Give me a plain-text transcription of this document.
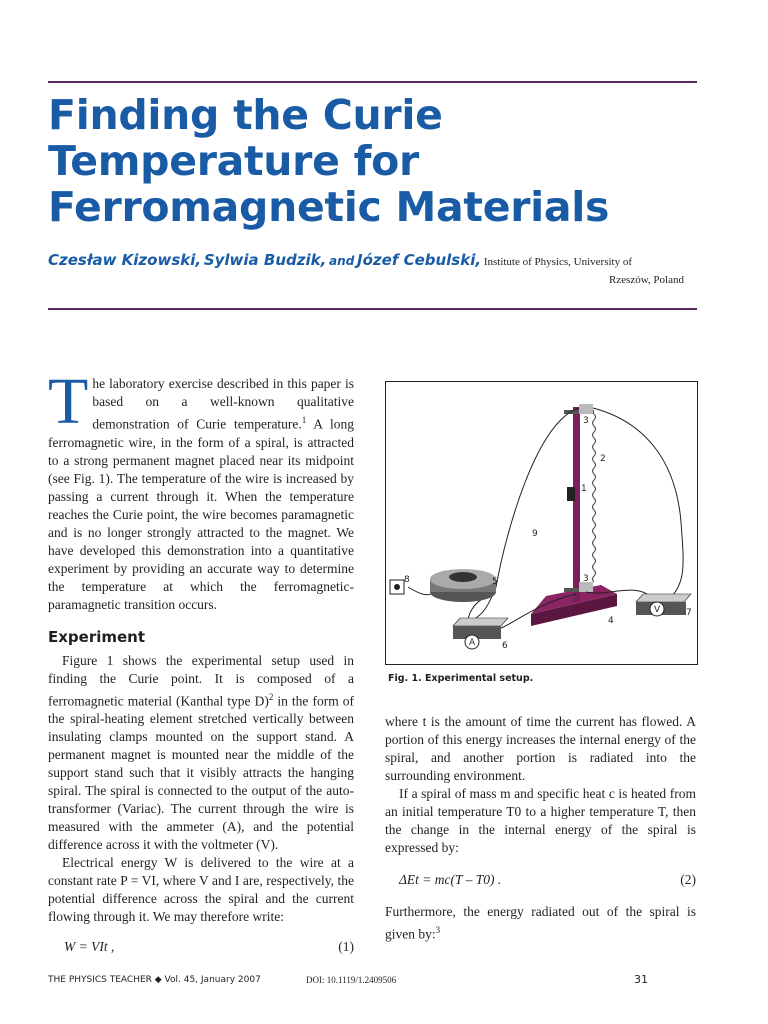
Finding the Curie Temperature for Ferromagnetic Materials
Czesław Kizowski, Sylwia Budzik, and Józef Cebulski, Institute of Physics, University of
Rzeszów, Poland

The laboratory exercise described in this paper is based on a well-known qualitative demonstration of Curie temperature.$^1$ A long ferromagnetic wire, in the form of a spiral, is attracted to a strong permanent magnet placed near its midpoint (see Fig. 1). The temperature of the wire is increased by passing a current through it. When the temperature reaches the Curie point, the wire becomes paramagnetic and is no longer strongly attracted to the magnet. We have developed this demonstration into a quantitative experiment by providing an accurate way to determine the temperature at which the ferromagnetic-paramagnetic transition occurs.

Experiment

Figure 1 shows the experimental setup used in finding the Curie point. It is composed of a ferromagnetic material (Kanthal type D)$^2$ in the form of the spiral-heating element stretched vertically between insulating clamps mounted on the support stand. A permanent magnet is mounted near the middle of the support stand such that it visibly attracts the hanging spiral. The spiral is connected to the output of the auto-transformer (Variac). The current through the wire is measured with the ammeter (A), and the potential difference across it with the voltmeter (V).

Electrical energy W is delivered to the wire at a constant rate P = VI, where V and I are, respectively, the potential difference across the spiral and the current flowing through it. We may therefore write:

W = VIt ,	(1)
3
2
1
3
4
5
6
7
8
9
A
V
Fig. 1. Experimental setup.

where t is the amount of time the current has flowed. A portion of this energy increases the internal energy of the spiral, and another portion is radiated into the surrounding environment.

If a spiral of mass m and specific heat c is heated from an initial temperature T0 to a higher temperature T, then the change in the internal energy of the spiral is expressed by:

ΔEt = mc(T – T0) .	(2)

Furthermore, the energy radiated out of the spiral is given by:$^3$

THE PHYSICS TEACHER ◆ Vol. 45, January 2007	DOI: 10.1119/1.2409506	31
